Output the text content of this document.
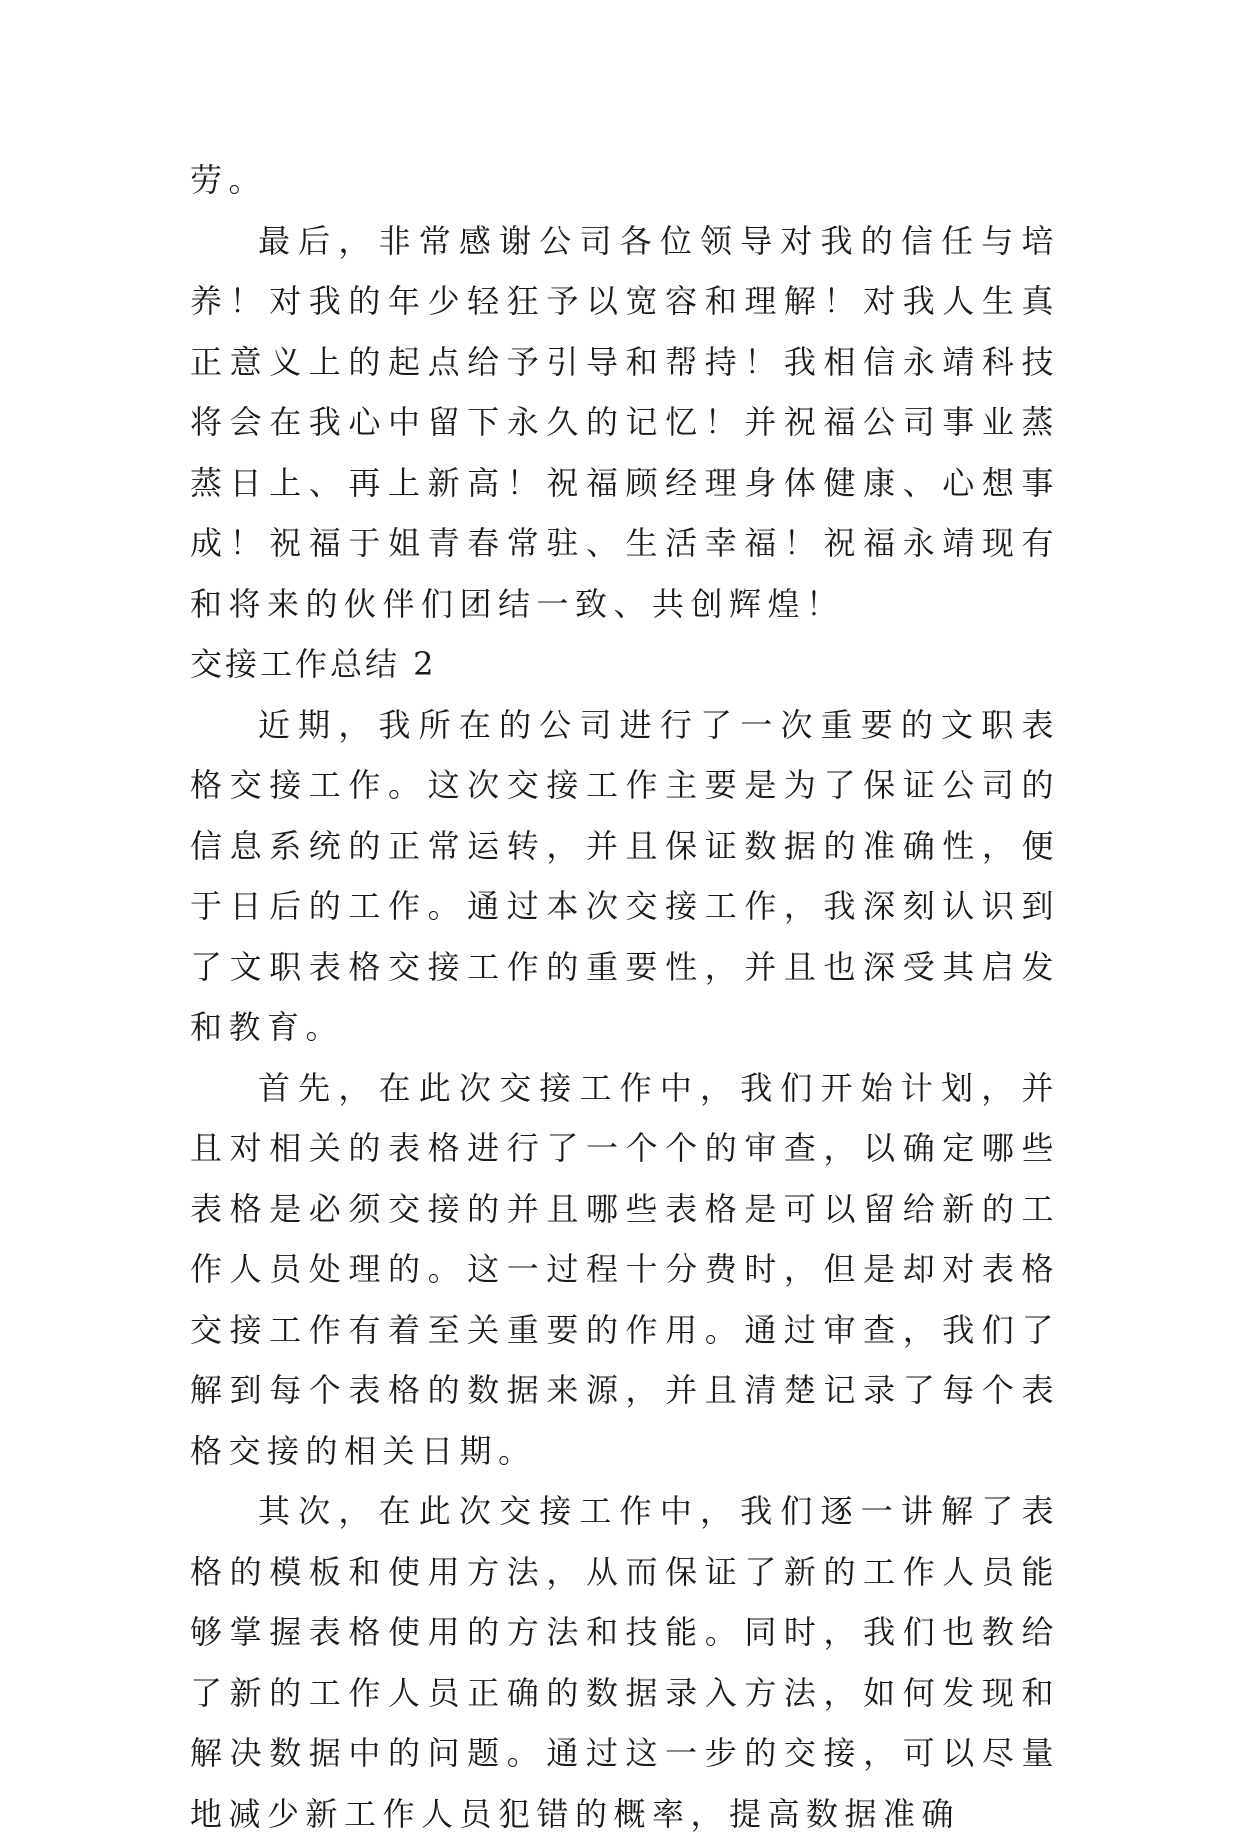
劳。

最后，非常感谢公司各位领导对我的信任与培养！对我的年少轻狂予以宽容和理解！对我人生真正意义上的起点给予引导和帮持！我相信永靖科技将会在我心中留下永久的记忆！并祝福公司事业蒸蒸日上、再上新高！祝福顾经理身体健康、心想事成！祝福于姐青春常驻、生活幸福！祝福永靖现有和将来的伙伴们团结一致、共创辉煌！

交接工作总结 2

近期，我所在的公司进行了一次重要的文职表格交接工作。这次交接工作主要是为了保证公司的信息系统的正常运转，并且保证数据的准确性，便于日后的工作。通过本次交接工作，我深刻认识到了文职表格交接工作的重要性，并且也深受其启发和教育。

首先，在此次交接工作中，我们开始计划，并且对相关的表格进行了一个个的审查，以确定哪些表格是必须交接的并且哪些表格是可以留给新的工作人员处理的。这一过程十分费时，但是却对表格交接工作有着至关重要的作用。通过审查，我们了解到每个表格的数据来源，并且清楚记录了每个表格交接的相关日期。

其次，在此次交接工作中，我们逐一讲解了表格的模板和使用方法，从而保证了新的工作人员能够掌握表格使用的方法和技能。同时，我们也教给了新的工作人员正确的数据录入方法，如何发现和解决数据中的问题。通过这一步的交接，可以尽量地减少新工作人员犯错的概率，提高数据准确
